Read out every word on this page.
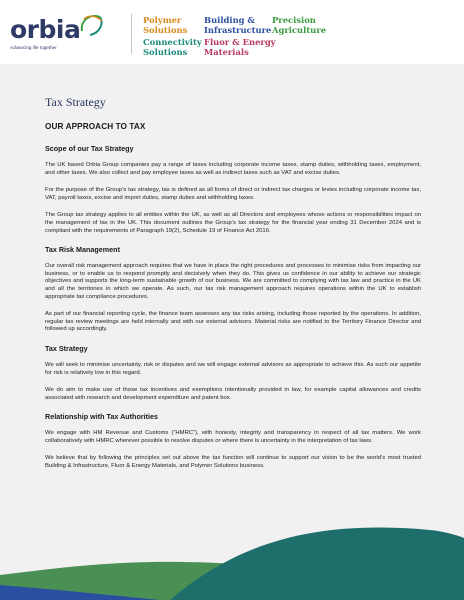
orbia
Advancing life together
Polymer
Solutions
Building &
Infrastructure
Precision
Agriculture
Connectivity
Solutions
Fluor & Energy
Materials
Tax Strategy
OUR APPROACH TO TAX
Scope of our Tax Strategy

The UK based Orbia Group companies pay a range of taxes including corporate income taxes, stamp duties, withholding taxes, employment, and other taxes. We also collect and pay employee taxes as well as indirect taxes such as VAT and excise duties.

For the purpose of the Group’s tax strategy, tax is defined as all forms of direct or indirect tax charges or levies including corporate income tax, VAT, payroll taxes, excise and import duties, stamp duties and withholding taxes.

The Group tax strategy applies to all entities within the UK, as well as all Directors and employees whose actions or responsibilities impact on the management of tax in the UK. This document outlines the Group’s tax strategy for the financial year ending 31 December 2024 and is compliant with the requirements of Paragraph 19(2), Schedule 19 of Finance Act 2016.

Tax Risk Management

Our overall risk management approach requires that we have in place the right procedures and processes to minimise risks from impacting our business, or to enable us to respond promptly and decisively when they do. This gives us confidence in our ability to achieve our strategic objectives and supports the long-term sustainable growth of our business. We are committed to complying with tax law and practice in the UK and all the territories in which we operate. As such, our tax risk management approach requires operations within the UK to establish appropriate tax compliance procedures.

As part of our financial reporting cycle, the finance team assesses any tax risks arising, including those reported by the operations. In addition, regular tax review meetings are held internally and with our external advisors. Material risks are notified to the Territory Finance Director and followed up accordingly.

Tax Strategy

We will seek to minimise uncertainty, risk or disputes and we will engage external advisors as appropriate to achieve this. As such our appetite for risk is relatively low in this regard.

We do aim to make use of those tax incentives and exemptions intentionally provided in law, for example capital allowances and credits associated with research and development expenditure and patent box.

Relationship with Tax Authorities

We engage with HM Revenue and Customs (“HMRC”), with honesty, integrity and transparency in respect of all tax matters. We work collaboratively with HMRC wherever possible to resolve disputes or where there is uncertainty in the interpretation of tax laws.

We believe that by following the principles set out above the tax function will continue to support our vision to be the world’s most trusted Building & Infrastructure, Fluor & Energy Materials, and Polymer Solutions business.
